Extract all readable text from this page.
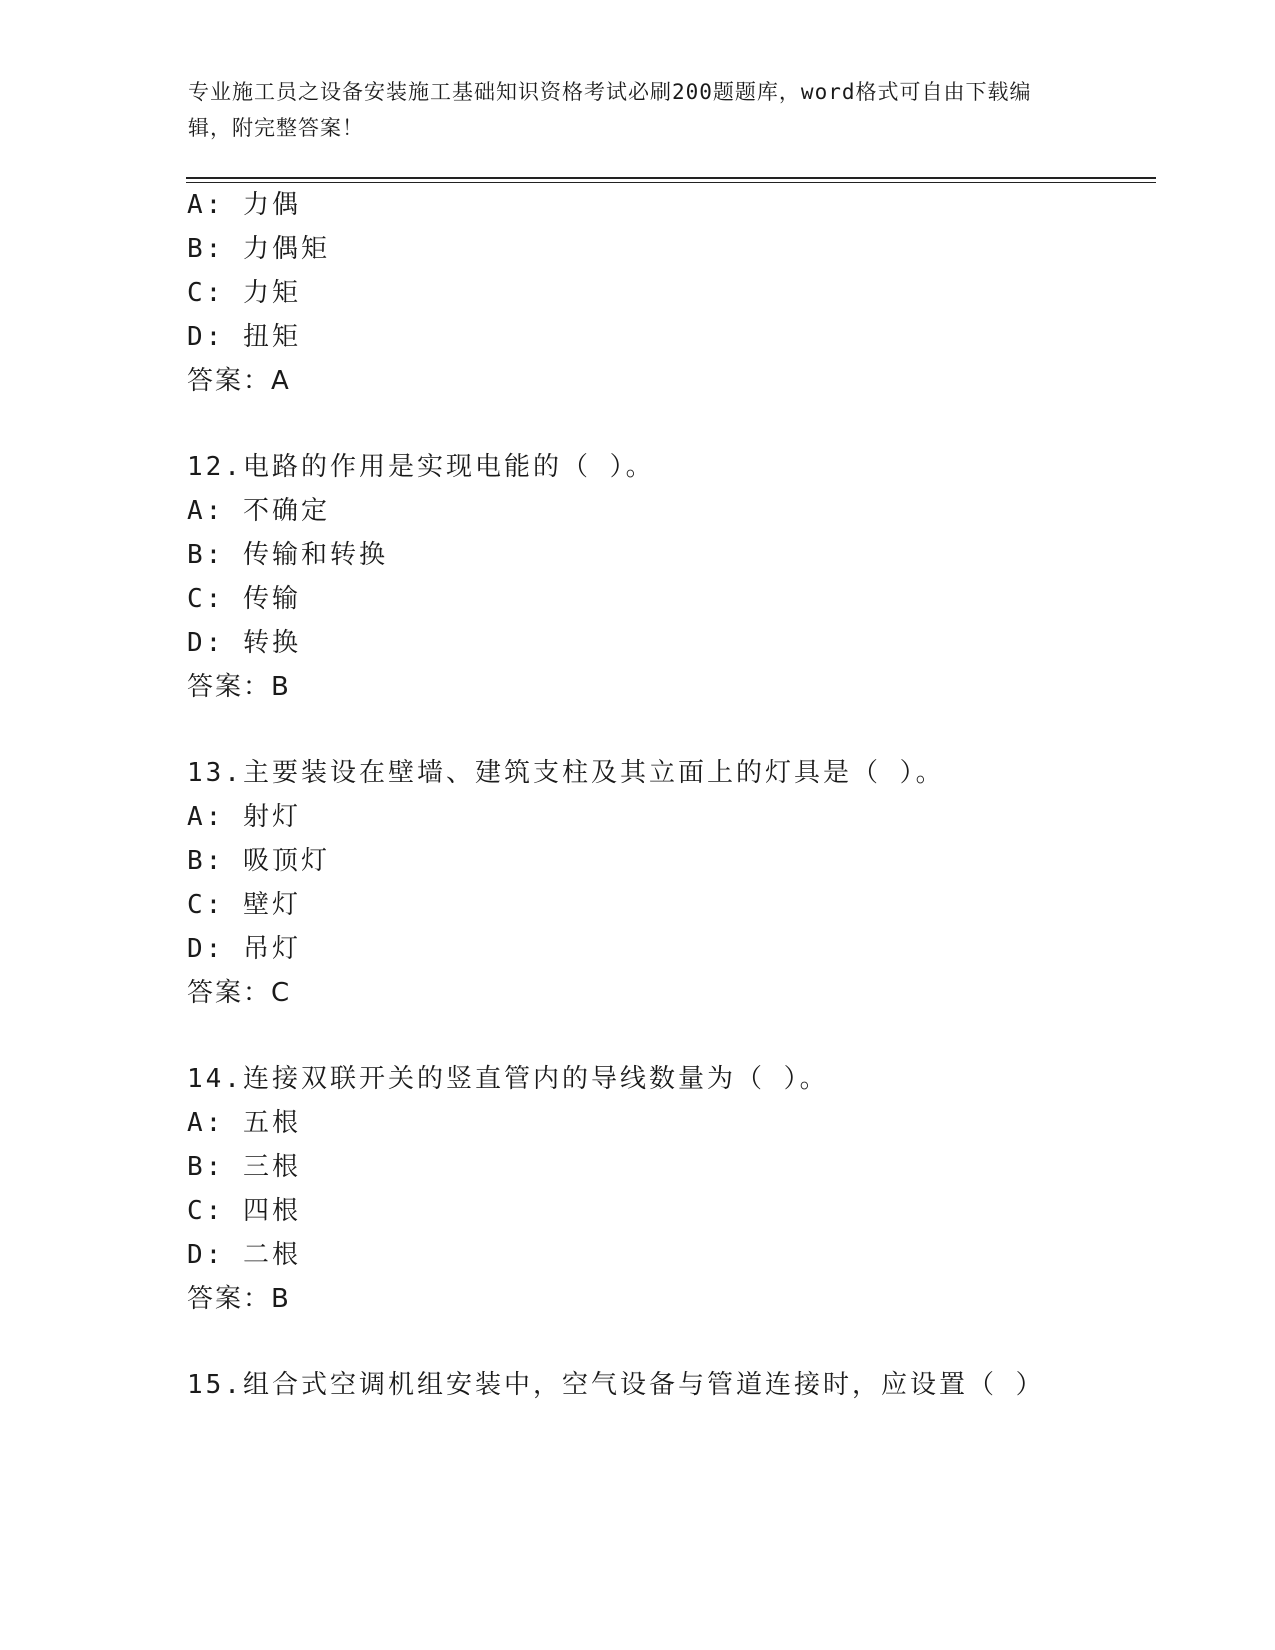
专业施工员之设备安装施工基础知识资格考试必刷200题题库，word格式可自由下载编辑，附完整答案！
A: 力偶
B: 力偶矩
C: 力矩
D: 扭矩
答案：A
12.电路的作用是实现电能的（ ）。
A: 不确定
B: 传输和转换
C: 传输
D: 转换
答案：B
13.主要装设在壁墙、建筑支柱及其立面上的灯具是（ ）。
A: 射灯
B: 吸顶灯
C: 壁灯
D: 吊灯
答案：C
14.连接双联开关的竖直管内的导线数量为（ ）。
A: 五根
B: 三根
C: 四根
D: 二根
答案：B
15.组合式空调机组安装中，空气设备与管道连接时，应设置（ ）
